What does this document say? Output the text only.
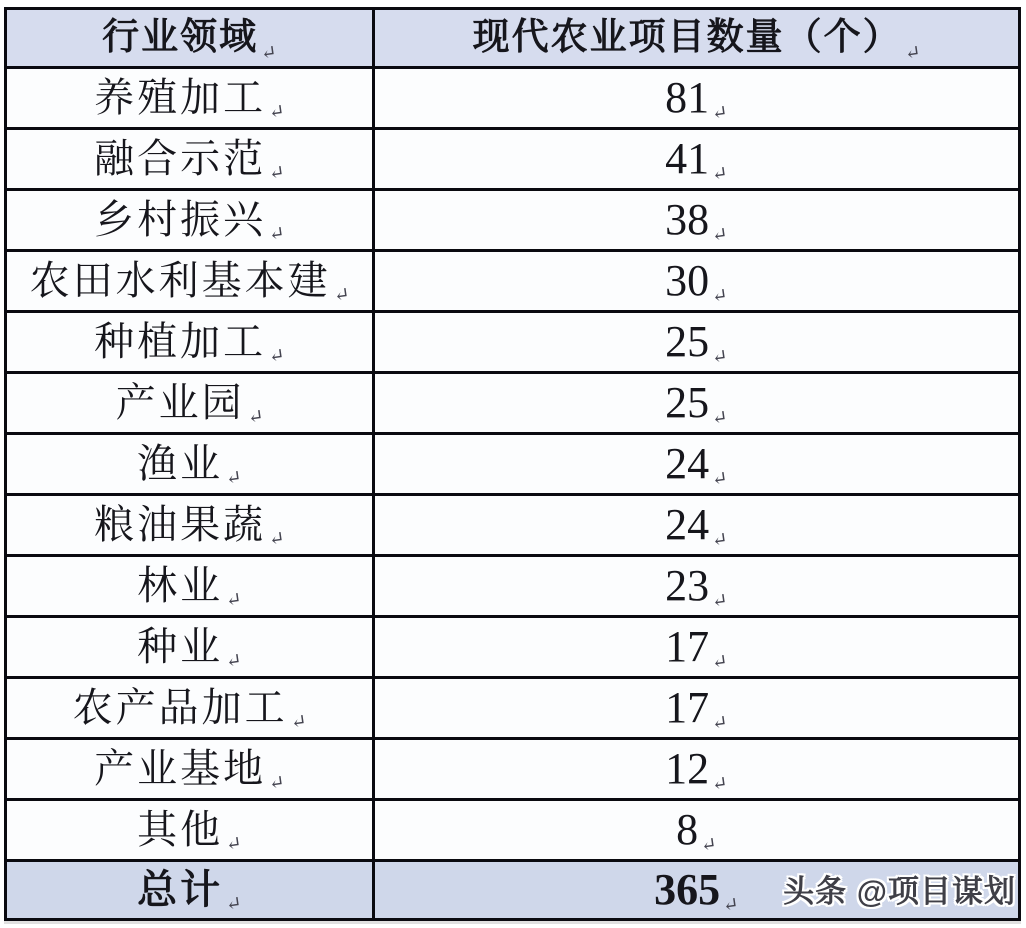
行业领域↵	现代农业项目数量（个）↵
养殖加工↵	81↵
融合示范↵	41↵
乡村振兴↵	38↵
农田水利基本建↵	30↵
种植加工↵	25↵
产业园↵	25↵
渔业↵	24↵
粮油果蔬↵	24↵
林业↵	23↵
种业↵	17↵
农产品加工↵	17↵
产业基地↵	12↵
其他↵	8↵
总计↵	365↵ 头条 @项目谋划
